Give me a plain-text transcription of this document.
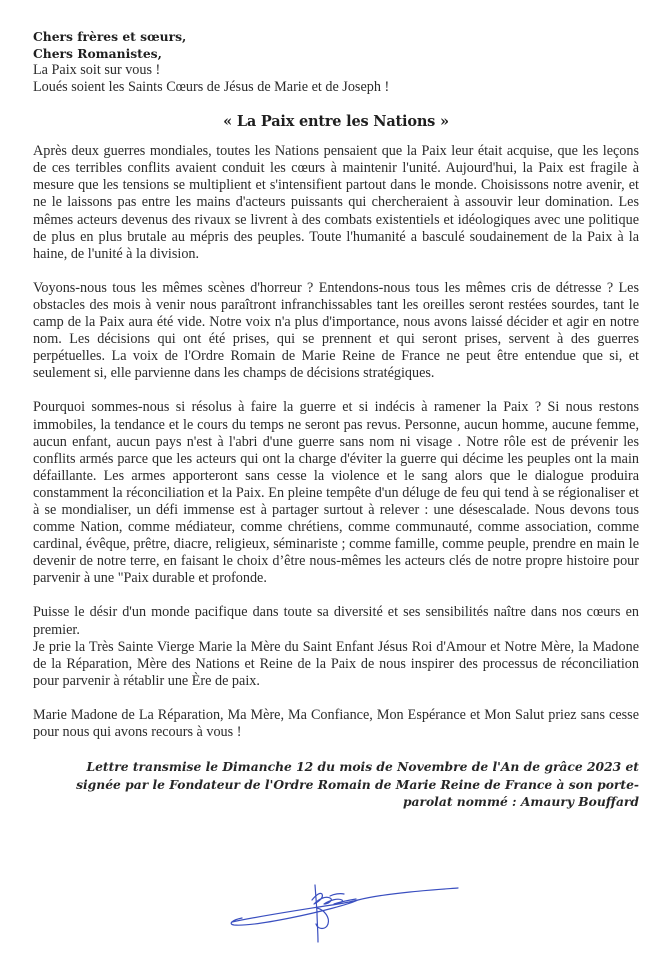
Chers frères et sœurs,

Chers Romanistes,

La Paix soit sur vous !

Loués soient les Saints Cœurs de Jésus de Marie et de Joseph !

« La Paix entre les Nations »

Après deux guerres mondiales, toutes les Nations pensaient que la Paix leur était acquise, que les leçons de ces terribles conflits avaient conduit les cœurs à maintenir l'unité. Aujourd'hui, la Paix est fragile à mesure que les tensions se multiplient et s'intensifient partout dans le monde. Choisissons notre avenir, et ne le laissons pas entre les mains d'acteurs puissants qui chercheraient à assouvir leur domination. Les mêmes acteurs devenus des rivaux se livrent à des combats existentiels et idéologiques avec une politique de plus en plus brutale au mépris des peuples. Toute l'humanité a basculé soudainement de la Paix à la haine, de l'unité à la division.

Voyons-nous tous les mêmes scènes d'horreur ? Entendons-nous tous les mêmes cris de détresse ? Les obstacles des mois à venir nous paraîtront infranchissables tant les oreilles seront restées sourdes, tant le camp de la Paix aura été vide. Notre voix n'a plus d'importance, nous avons laissé décider et agir en notre nom. Les décisions qui ont été prises, qui se prennent et qui seront prises, servent à des guerres perpétuelles. La voix de l'Ordre Romain de Marie Reine de France ne peut être entendue que si, et seulement si, elle parvienne dans les champs de décisions stratégiques.

Pourquoi sommes-nous si résolus à faire la guerre et si indécis à ramener la Paix ? Si nous restons immobiles, la tendance et le cours du temps ne seront pas revus. Personne, aucun homme, aucune femme, aucun enfant, aucun pays n'est à l'abri d'une guerre sans nom ni visage . Notre rôle est de prévenir les conflits armés parce que les acteurs qui ont la charge d'éviter la guerre qui décime les peuples ont la main défaillante. Les armes apporteront sans cesse la violence et le sang alors que le dialogue produira constamment la réconciliation et la Paix. En pleine tempête d'un déluge de feu qui tend à se régionaliser et à se mondialiser, un défi immense est à partager surtout à relever : une désescalade. Nous devons tous comme Nation, comme médiateur, comme chrétiens, comme communauté, comme association, comme cardinal, évêque, prêtre, diacre, religieux, séminariste ; comme famille, comme peuple, prendre en main le devenir de notre terre, en faisant le choix d’être nous-mêmes les acteurs clés de notre propre histoire pour parvenir à une "Paix durable et profonde.

Puisse le désir d'un monde pacifique dans toute sa diversité et ses sensibilités naître dans nos cœurs en premier.

Je prie la Très Sainte Vierge Marie la Mère du Saint Enfant Jésus Roi d'Amour et Notre Mère, la Madone de la Réparation, Mère des Nations et Reine de la Paix de nous inspirer des processus de réconciliation pour parvenir à rétablir une Ère de paix.

Marie Madone de La Réparation, Ma Mère, Ma Confiance, Mon Espérance et Mon Salut priez sans cesse pour nous qui avons recours à vous !

Lettre transmise le Dimanche 12 du mois de Novembre de l'An de grâce 2023 et
signée par le Fondateur de l'Ordre Romain de Marie Reine de France à son porte-
parolat nommé : Amaury Bouffard
